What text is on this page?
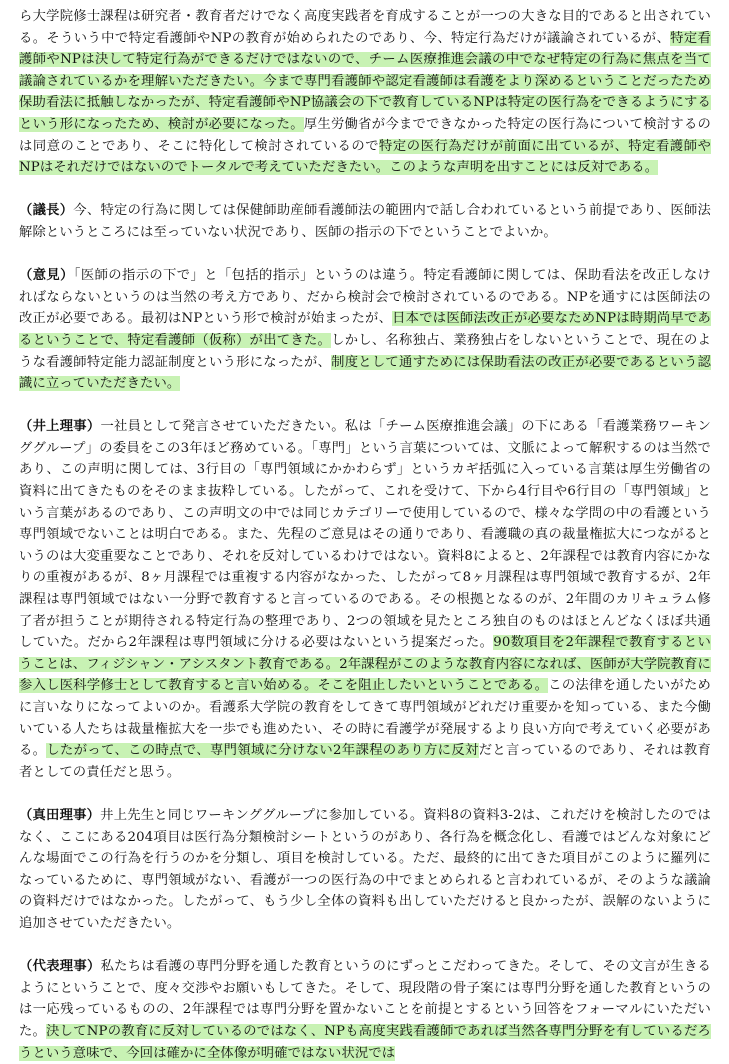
ら大学院修士課程は研究者・教育者だけでなく高度実践者を育成することが一つの大きな目的であると出されている。そういう中で特定看護師やNPの教育が始められたのであり、今、特定行為だけが議論されているが、特定看護師やNPは決して特定行為ができるだけではないので、チーム医療推進会議の中でなぜ特定の行為に焦点を当て議論されているかを理解いただきたい。今まで専門看護師や認定看護師は看護をより深めるということだったため保助看法に抵触しなかったが、特定看護師やNP協議会の下で教育しているNPは特定の医行為をできるようにするという形になったため、検討が必要になった。厚生労働省が今までできなかった特定の医行為について検討するのは同意のことであり、そこに特化して検討されているので特定の医行為だけが前面に出ているが、特定看護師やNPはそれだけではないのでトータルで考えていただきたい。このような声明を出すことには反対である。

（議長）今、特定の行為に関しては保健師助産師看護師法の範囲内で話し合われているという前提であり、医師法解除というところには至っていない状況であり、医師の指示の下でということでよいか。

（意見）「医師の指示の下で」と「包括的指示」というのは違う。特定看護師に関しては、保助看法を改正しなければならないというのは当然の考え方であり、だから検討会で検討されているのである。NPを通すには医師法の改正が必要である。最初はNPという形で検討が始まったが、日本では医師法改正が必要なためNPは時期尚早であるということで、特定看護師（仮称）が出てきた。しかし、名称独占、業務独占をしないということで、現在のような看護師特定能力認証制度という形になったが、制度として通すためには保助看法の改正が必要であるという認識に立っていただきたい。

（井上理事）一社員として発言させていただきたい。私は「チーム医療推進会議」の下にある「看護業務ワーキンググループ」の委員をこの3年ほど務めている。「専門」という言葉については、文脈によって解釈するのは当然であり、この声明に関しては、3行目の「専門領域にかかわらず」というカギ括弧に入っている言葉は厚生労働省の資料に出てきたものをそのまま抜粋している。したがって、これを受けて、下から4行目や6行目の「専門領域」という言葉があるのであり、この声明文の中では同じカテゴリーで使用しているので、様々な学問の中の看護という専門領域でないことは明白である。また、先程のご意見はその通りであり、看護職の真の裁量権拡大につながるというのは大変重要なことであり、それを反対しているわけではない。資料8によると、2年課程では教育内容にかなりの重複があるが、8ヶ月課程では重複する内容がなかった、したがって8ヶ月課程は専門領域で教育するが、2年課程は専門領域ではない一分野で教育すると言っているのである。その根拠となるのが、2年間のカリキュラム修了者が担うことが期待される特定行為の整理であり、2つの領域を見たところ独自のものはほとんどなくほぼ共通していた。だから2年課程は専門領域に分ける必要はないという提案だった。90数項目を2年課程で教育するということは、フィジシャン・アシスタント教育である。2年課程がこのような教育内容になれば、医師が大学院教育に参入し医科学修士として教育すると言い始める。そこを阻止したいということである。この法律を通したいがために言いなりになってよいのか。看護系大学院の教育をしてきて専門領域がどれだけ重要かを知っている、また今働いている人たちは裁量権拡大を一歩でも進めたい、その時に看護学が発展するより良い方向で考えていく必要がある。したがって、この時点で、専門領域に分けない2年課程のあり方に反対だと言っているのであり、それは教育者としての責任だと思う。

（真田理事）井上先生と同じワーキンググループに参加している。資料8の資料3-2は、これだけを検討したのではなく、ここにある204項目は医行為分類検討シートというのがあり、各行為を概念化し、看護ではどんな対象にどんな場面でこの行為を行うのかを分類し、項目を検討している。ただ、最終的に出てきた項目がこのように羅列になっているために、専門領域がない、看護が一つの医行為の中でまとめられると言われているが、そのような議論の資料だけではなかった。したがって、もう少し全体の資料も出していただけると良かったが、誤解のないように追加させていただきたい。

（代表理事）私たちは看護の専門分野を通した教育というのにずっとこだわってきた。そして、その文言が生きるようにということで、度々交渉やお願いもしてきた。そして、現段階の骨子案には専門分野を通した教育というのは一応残っているものの、2年課程では専門分野を置かないことを前提とするという回答をフォーマルにいただいた。決してNPの教育に反対しているのではなく、NPも高度実践看護師であれば当然各専門分野を有しているだろうという意味で、今回は確かに全体像が明確ではない状況では
